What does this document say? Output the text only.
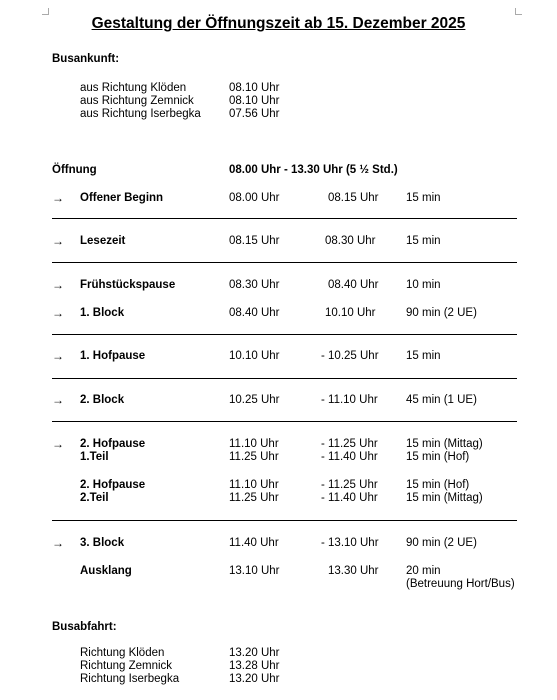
Gestaltung der Öffnungszeit ab 15. Dezember 2025
Busankunft:
aus Richtung Klöden	08.10 Uhr
aus Richtung Zemnick	08.10 Uhr
aus Richtung Iserbegka 07.56 Uhr
Öffnung	08.00 Uhr - 13.30 Uhr (5 ½ Std.)
→ Offener Beginn	08.00 Uhr	08.15 Uhr 15 min
→ Lesezeit	08.15 Uhr	08.30 Uhr	15 min
→ Frühstückspause	08.30 Uhr	08.40 Uhr 10 min
→ 1. Block	08.40 Uhr	10.10 Uhr	90 min (2 UE)
→ 1. Hofpause	10.10 Uhr	- 10.25 Uhr 15 min
→ 2. Block	10.25 Uhr	- 11.10 Uhr 45 min (1 UE)
→ 2. Hofpause	11.10 Uhr	- 11.25 Uhr 15 min (Mittag)
1.Teil	11.25 Uhr	- 11.40 Uhr 15 min (Hof)
2. Hofpause	11.10 Uhr	- 11.25 Uhr 15 min (Hof)
2.Teil	11.25 Uhr	- 11.40 Uhr 15 min (Mittag)
→ 3. Block	11.40 Uhr	- 13.10 Uhr 90 min (2 UE)
Ausklang	13.10 Uhr	13.30 Uhr 20 min
(Betreuung Hort/Bus)
Busabfahrt:
Richtung Klöden	13.20 Uhr
Richtung Zemnick	13.28 Uhr
Richtung Iserbegka	13.20 Uhr
